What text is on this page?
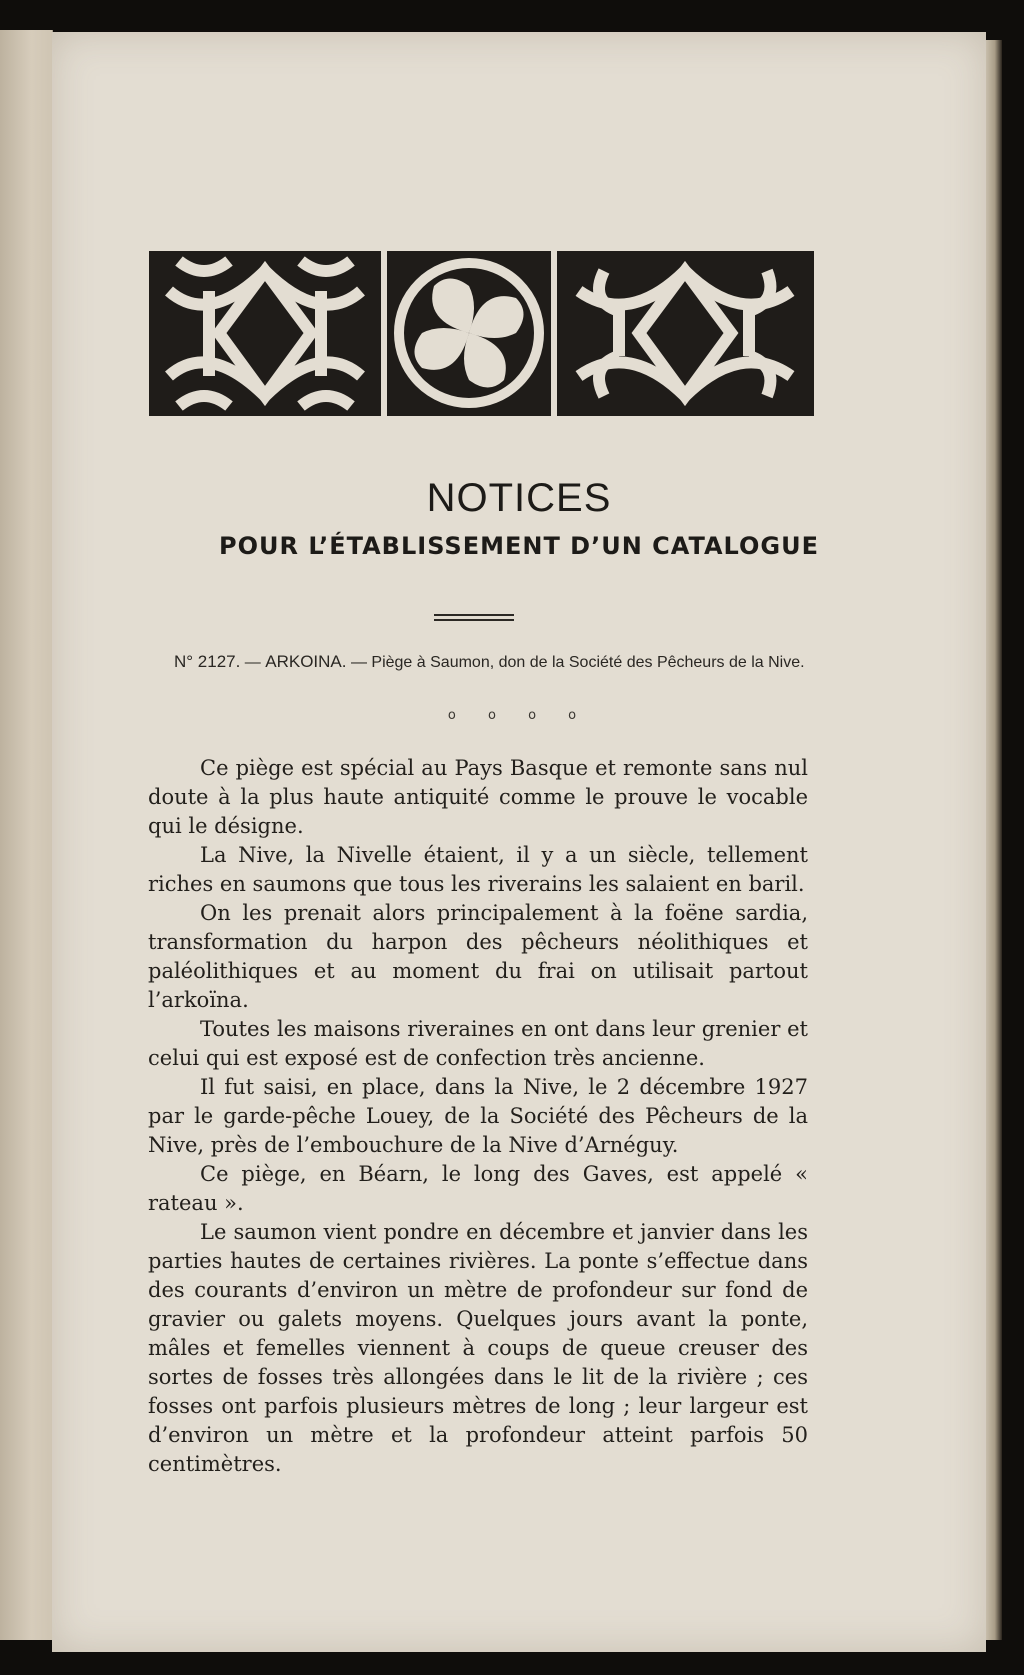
NOTICES
POUR L’ÉTABLISSEMENT D’UN CATALOGUE
N° 2127. — ARKOINA. — Piège à Saumon, don de la Société des Pêcheurs de la Nive.
o o o o

Ce piège est spécial au Pays Basque et remonte sans nul doute à la plus haute antiquité comme le prouve le vocable qui le désigne.

La Nive, la Nivelle étaient, il y a un siècle, tellement riches en saumons que tous les riverains les salaient en baril.

On les prenait alors principalement à la foëne sardia, transformation du harpon des pêcheurs néolithiques et paléolithiques et au moment du frai on utilisait partout l’arkoïna.

Toutes les maisons riveraines en ont dans leur grenier et celui qui est exposé est de confection très ancienne.

Il fut saisi, en place, dans la Nive, le 2 décembre 1927 par le garde-pêche Louey, de la Société des Pêcheurs de la Nive, près de l’embouchure de la Nive d’Arnéguy.

Ce piège, en Béarn, le long des Gaves, est appelé « rateau ».

Le saumon vient pondre en décembre et janvier dans les parties hautes de certaines rivières. La ponte s’effectue dans des courants d’environ un mètre de profondeur sur fond de gravier ou galets moyens. Quelques jours avant la ponte, mâles et femelles viennent à coups de queue creuser des sortes de fosses très allongées dans le lit de la rivière ; ces fosses ont parfois plusieurs mètres de long ; leur largeur est d’environ un mètre et la profondeur atteint parfois 50 centimètres.
